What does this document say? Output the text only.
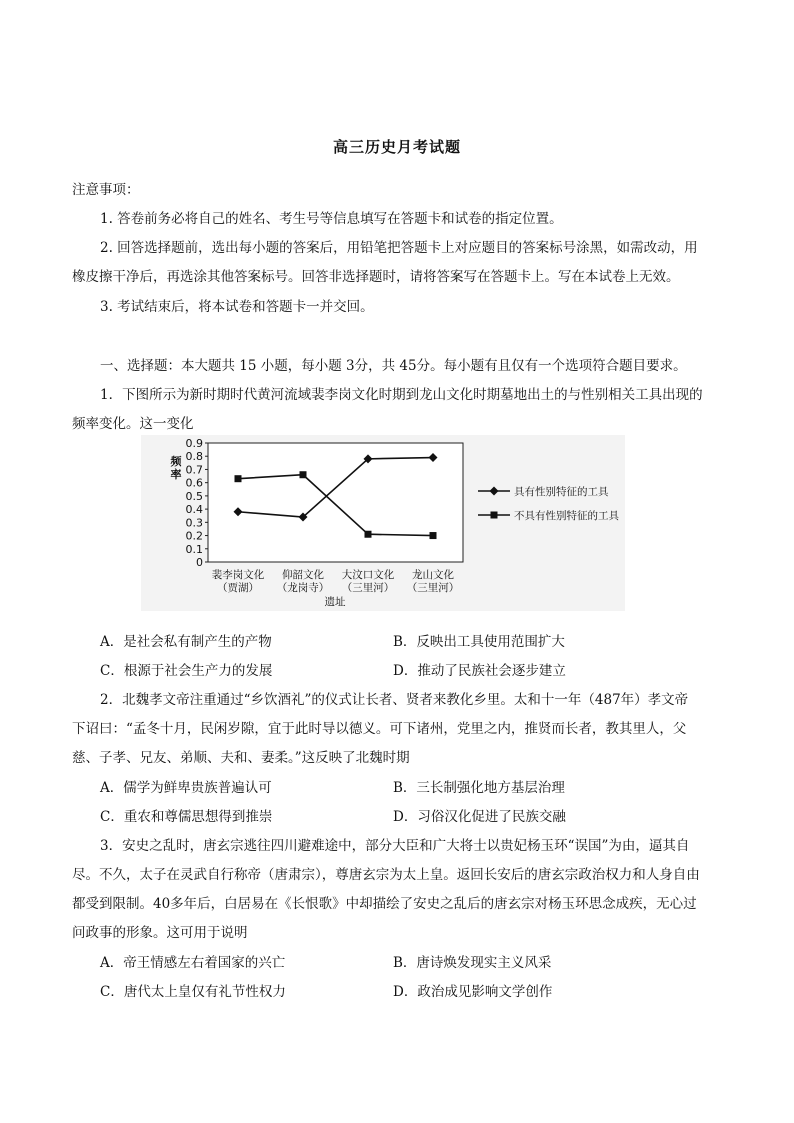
高三历史月考试题
注意事项：
1. 答卷前务必将自己的姓名、考生号等信息填写在答题卡和试卷的指定位置。
2. 回答选择题前，选出每小题的答案后，用铅笔把答题卡上对应题目的答案标号涂黑，如需改动，用
橡皮擦干净后，再选涂其他答案标号。回答非选择题时，请将答案写在答题卡上。写在本试卷上无效。
3. 考试结束后，将本试卷和答题卡一并交回。
一、选择题：本大题共 15 小题，每小题 3分，共 45分。每小题有且仅有一个选项符合题目要求。
1．下图所示为新时期时代黄河流域裴李岗文化时期到龙山文化时期墓地出土的与性别相关工具出现的
频率变化。这一变化
0
0.1
0.2
0.3
0.4
0.5
0.6
0.7
0.8
0.9
频
率
裴李岗文化
（贾湖）
仰韶文化
（龙岗寺）
大汶口文化
（三里河）
龙山文化
（三里河）
遗址
具有性别特征的工具
不具有性别特征的工具
A．是社会私有制产生的产物	B．反映出工具使用范围扩大
C．根源于社会生产力的发展	D．推动了民族社会逐步建立
2．北魏孝文帝注重通过“乡饮酒礼”的仪式让长者、贤者来教化乡里。太和十一年（487年）孝文帝
下诏曰：“孟冬十月，民闲岁隙，宜于此时导以德义。可下诸州，党里之内，推贤而长者，教其里人，父
慈、子孝、兄友、弟顺、夫和、妻柔。”这反映了北魏时期
A．儒学为鲜卑贵族普遍认可	B．三长制强化地方基层治理
C．重农和尊儒思想得到推崇	D．习俗汉化促进了民族交融
3．安史之乱时，唐玄宗逃往四川避难途中，部分大臣和广大将士以贵妃杨玉环“误国”为由，逼其自
尽。不久，太子在灵武自行称帝（唐肃宗），尊唐玄宗为太上皇。返回长安后的唐玄宗政治权力和人身自由
都受到限制。40多年后，白居易在《长恨歌》中却描绘了安史之乱后的唐玄宗对杨玉环思念成疾，无心过
问政事的形象。这可用于说明
A．帝王情感左右着国家的兴亡	B．唐诗焕发现实主义风采
C．唐代太上皇仅有礼节性权力	D．政治成见影响文学创作
